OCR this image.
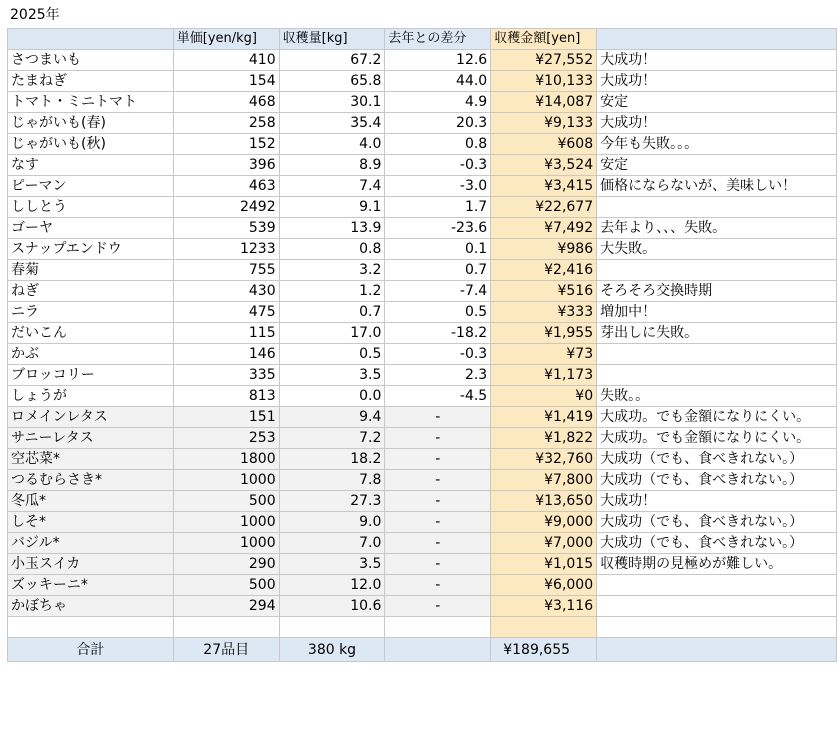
2025年
	単価[yen/kg]	収穫量[kg]	去年との差分	収穫金額[yen]	
さつまいも	410	67.2	12.6	¥27,552	大成功！
たまねぎ	154	65.8	44.0	¥10,133	大成功！
トマト・ミニトマト	468	30.1	4.9	¥14,087	安定
じゃがいも(春)	258	35.4	20.3	¥9,133	大成功！
じゃがいも(秋)	152	4.0	0.8	¥608	今年も失敗。。。
なす	396	8.9	-0.3	¥3,524	安定
ピーマン	463	7.4	-3.0	¥3,415	価格にならないが、美味しい！
ししとう	2492	9.1	1.7	¥22,677	
ゴーヤ	539	13.9	-23.6	¥7,492	去年より、、、失敗。
スナップエンドウ	1233	0.8	0.1	¥986	大失敗。
春菊	755	3.2	0.7	¥2,416	
ねぎ	430	1.2	-7.4	¥516	そろそろ交換時期
ニラ	475	0.7	0.5	¥333	増加中！
だいこん	115	17.0	-18.2	¥1,955	芽出しに失敗。
かぶ	146	0.5	-0.3	¥73	
ブロッコリー	335	3.5	2.3	¥1,173	
しょうが	813	0.0	-4.5	¥0	失敗。。
ロメインレタス	151	9.4	-	¥1,419	大成功。でも金額になりにくい。
サニーレタス	253	7.2	-	¥1,822	大成功。でも金額になりにくい。
空芯菜*	1800	18.2	-	¥32,760	大成功（でも、食べきれない。）
つるむらさき*	1000	7.8	-	¥7,800	大成功（でも、食べきれない。）
冬瓜*	500	27.3	-	¥13,650	大成功！
しそ*	1000	9.0	-	¥9,000	大成功（でも、食べきれない。）
バジル*	1000	7.0	-	¥7,000	大成功（でも、食べきれない。）
小玉スイカ	290	3.5	-	¥1,015	収穫時期の見極めが難しい。
ズッキーニ*	500	12.0	-	¥6,000	
かぼちゃ	294	10.6	-	¥3,116	

合計	27品目	380 kg		¥189,655	
